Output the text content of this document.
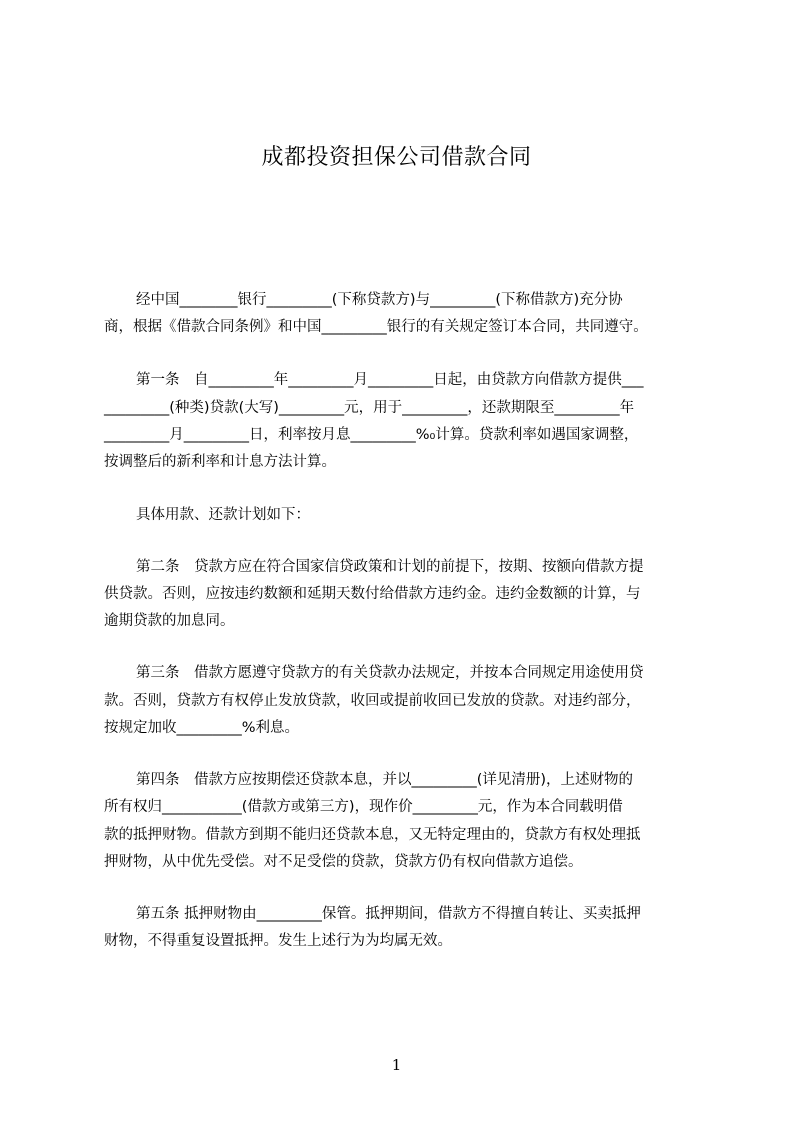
成都投资担保公司借款合同
经中国________银行_________(下称贷款方)与_________(下称借款方)充分协
商，根据《借款合同条例》和中国_________银行的有关规定签订本合同，共同遵守。
第一条　自_________年_________月_________日起，由贷款方向借款方提供___
_________(种类)贷款(大写)_________元，用于_________，还款期限至_________年
_________月_________日，利率按月息_________%₀计算。贷款利率如遇国家调整，
按调整后的新利率和计息方法计算。
具体用款、还款计划如下：
第二条　贷款方应在符合国家信贷政策和计划的前提下，按期、按额向借款方提
供贷款。否则，应按违约数额和延期天数付给借款方违约金。违约金数额的计算，与
逾期贷款的加息同。
第三条　借款方愿遵守贷款方的有关贷款办法规定，并按本合同规定用途使用贷
款。否则，贷款方有权停止发放贷款，收回或提前收回已发放的贷款。对违约部分，
按规定加收_________%利息。
第四条　借款方应按期偿还贷款本息，并以_________(详见清册)，上述财物的
所有权归___________(借款方或第三方)，现作价_________元，作为本合同载明借
款的抵押财物。借款方到期不能归还贷款本息，又无特定理由的，贷款方有权处理抵
押财物，从中优先受偿。对不足受偿的贷款，贷款方仍有权向借款方追偿。
第五条 抵押财物由_________保管。抵押期间，借款方不得擅自转让、买卖抵押
财物，不得重复设置抵押。发生上述行为为均属无效。
1
